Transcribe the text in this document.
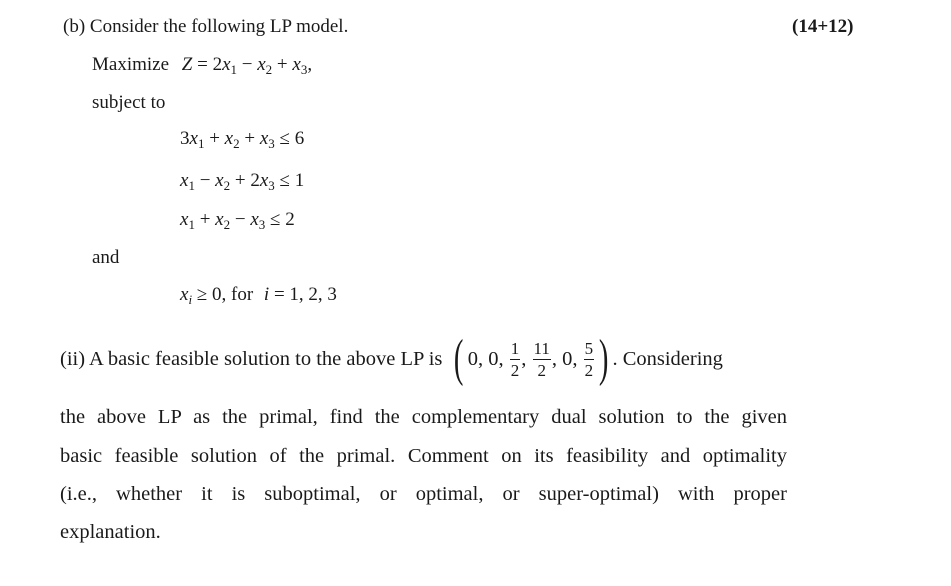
(b) Consider the following LP model.	(14+12)
Maximize $Z = 2x_1 - x_2 + x_3$,
subject to
$3x_1 + x_2 + x_3 \le 6$
$x_1 - x_2 + 2x_3 \le 1$
$x_1 + x_2 - x_3 \le 2$
and
$x_i \ge 0$, for i = 1, 2, 3
(ii) A basic feasible solution to the above LP is ( 0,
0,
$\frac{1}{2}$ , $\frac{11}{2}$ , 0,
$\frac{5}{2}$ ) . Considering
the above LP as the primal, find the complementary dual solution to the given
basic feasible solution of the primal. Comment on its feasibility and optimality
(i.e., whether it is suboptimal, or optimal, or super-optimal) with proper
explanation.
